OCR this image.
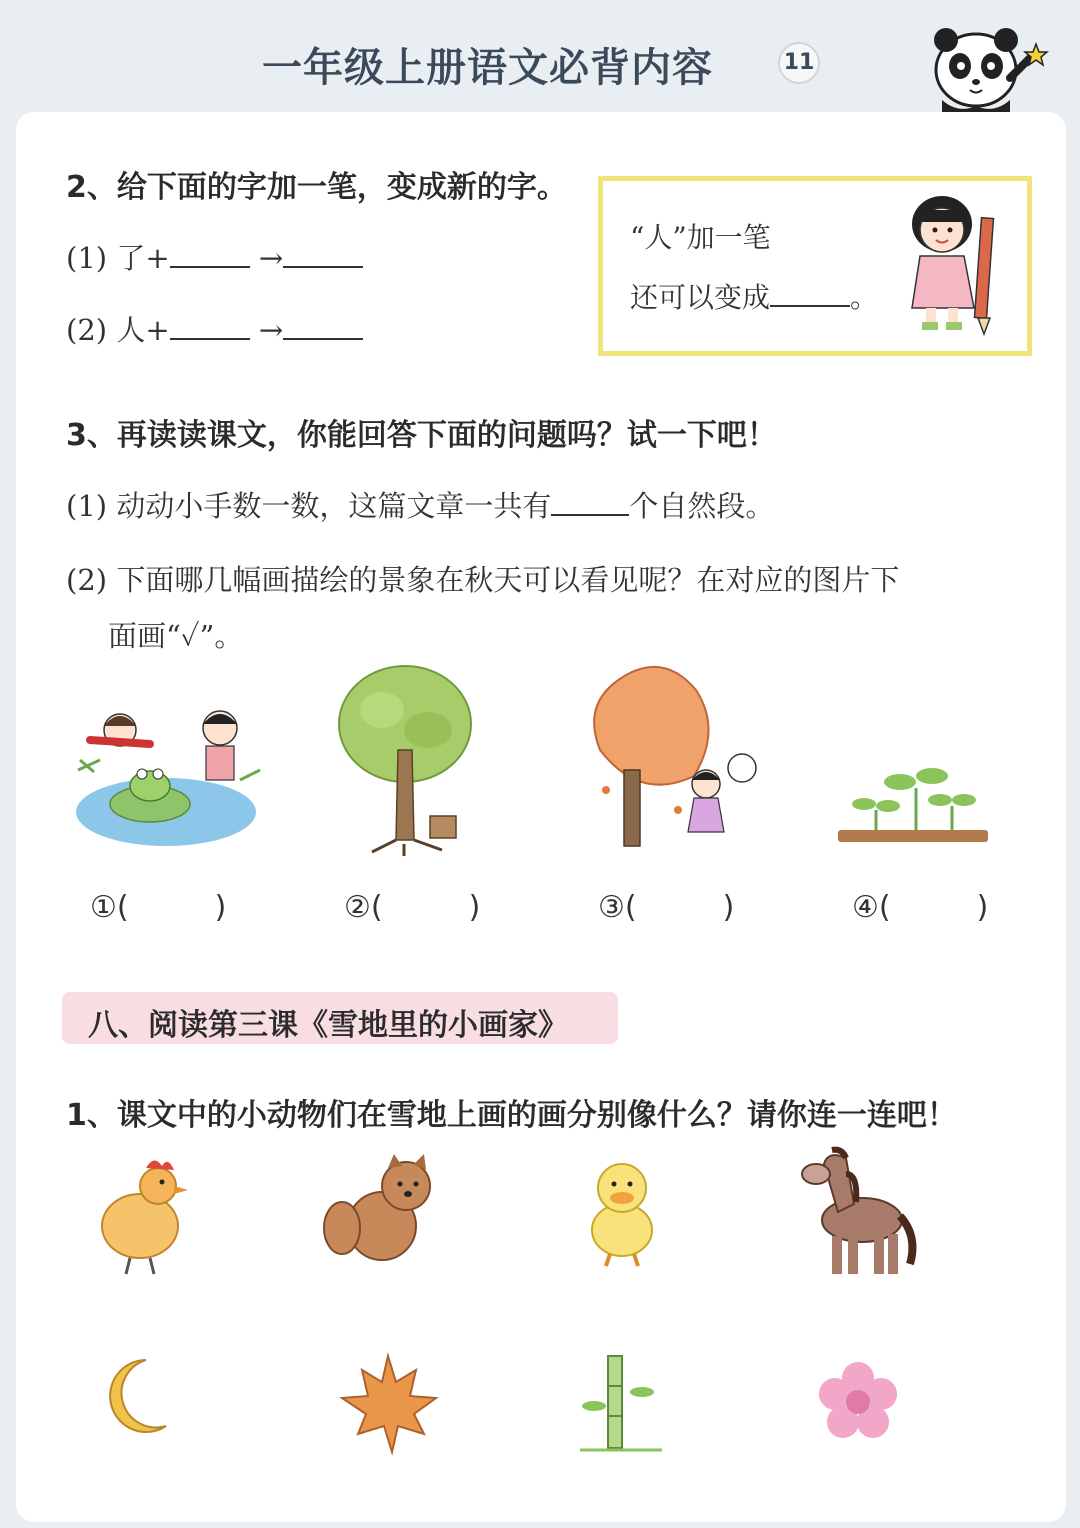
一年级上册语文必背内容	11
2、给下面的字加一笔，变成新的字。
(1) 了+	→
(2) 人+	→
“人”加一笔
还可以变成	。
3、再读读课文，你能回答下面的问题吗？试一下吧！
(1) 动动小手数一数，这篇文章一共有	个自然段。
(2) 下面哪几幅画描绘的景象在秋天可以看见呢？在对应的图片下
面画“✓”。
①(	)	②(	)	③(	)	④(	)
八、阅读第三课《雪地里的小画家》
1、课文中的小动物们在雪地上画的画分别像什么？请你连一连吧！
